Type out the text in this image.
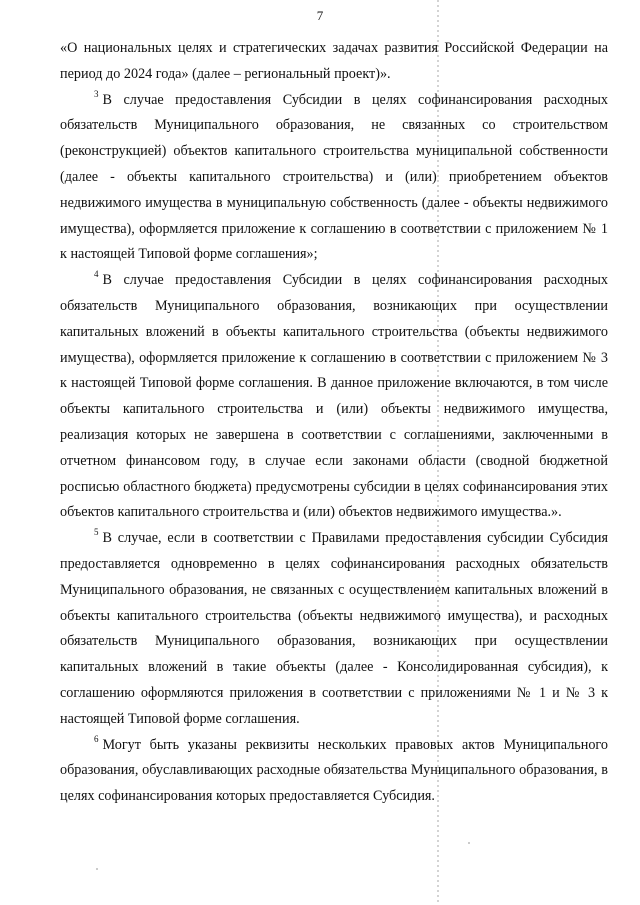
7

«О национальных целях и стратегических задачах развития Российской Федерации на период до 2024 года» (далее – региональный проект)».

$^3$ В случае предоставления Субсидии в целях софинансирования расходных обязательств Муниципального образования, не связанных со строительством (реконструкцией) объектов капитального строительства муниципальной собственности (далее - объекты капитального строительства) и (или) приобретением объектов недвижимого имущества в муниципальную собственность (далее - объекты недвижимого имущества), оформляется приложение к соглашению в соответствии с приложением № 1 к настоящей Типовой форме соглашения»;

$^4$ В случае предоставления Субсидии в целях софинансирования расходных обязательств Муниципального образования, возникающих при осуществлении капитальных вложений в объекты капитального строительства (объекты недвижимого имущества), оформляется приложение к соглашению в соответствии с приложением № 3 к настоящей Типовой форме соглашения. В данное приложение включаются, в том числе объекты капитального строительства и (или) объекты недвижимого имущества, реализация которых не завершена в соответствии с соглашениями, заключенными в отчетном финансовом году, в случае если законами области (сводной бюджетной росписью областного бюджета) предусмотрены субсидии в целях софинансирования этих объектов капитального строительства и (или) объектов недвижимого имущества.».

$^5$ В случае, если в соответствии с Правилами предоставления субсидии Субсидия предоставляется одновременно в целях софинансирования расходных обязательств Муниципального образования, не связанных с осуществлением капитальных вложений в объекты капитального строительства (объекты недвижимого имущества), и расходных обязательств Муниципального образования, возникающих при осуществлении капитальных вложений в такие объекты (далее - Консолидированная субсидия), к соглашению оформляются приложения в соответствии с приложениями № 1 и № 3 к настоящей Типовой форме соглашения.

$^6$ Могут быть указаны реквизиты нескольких правовых актов Муниципального образования, обуславливающих расходные обязательства Муниципального образования, в целях софинансирования которых предоставляется Субсидия.
